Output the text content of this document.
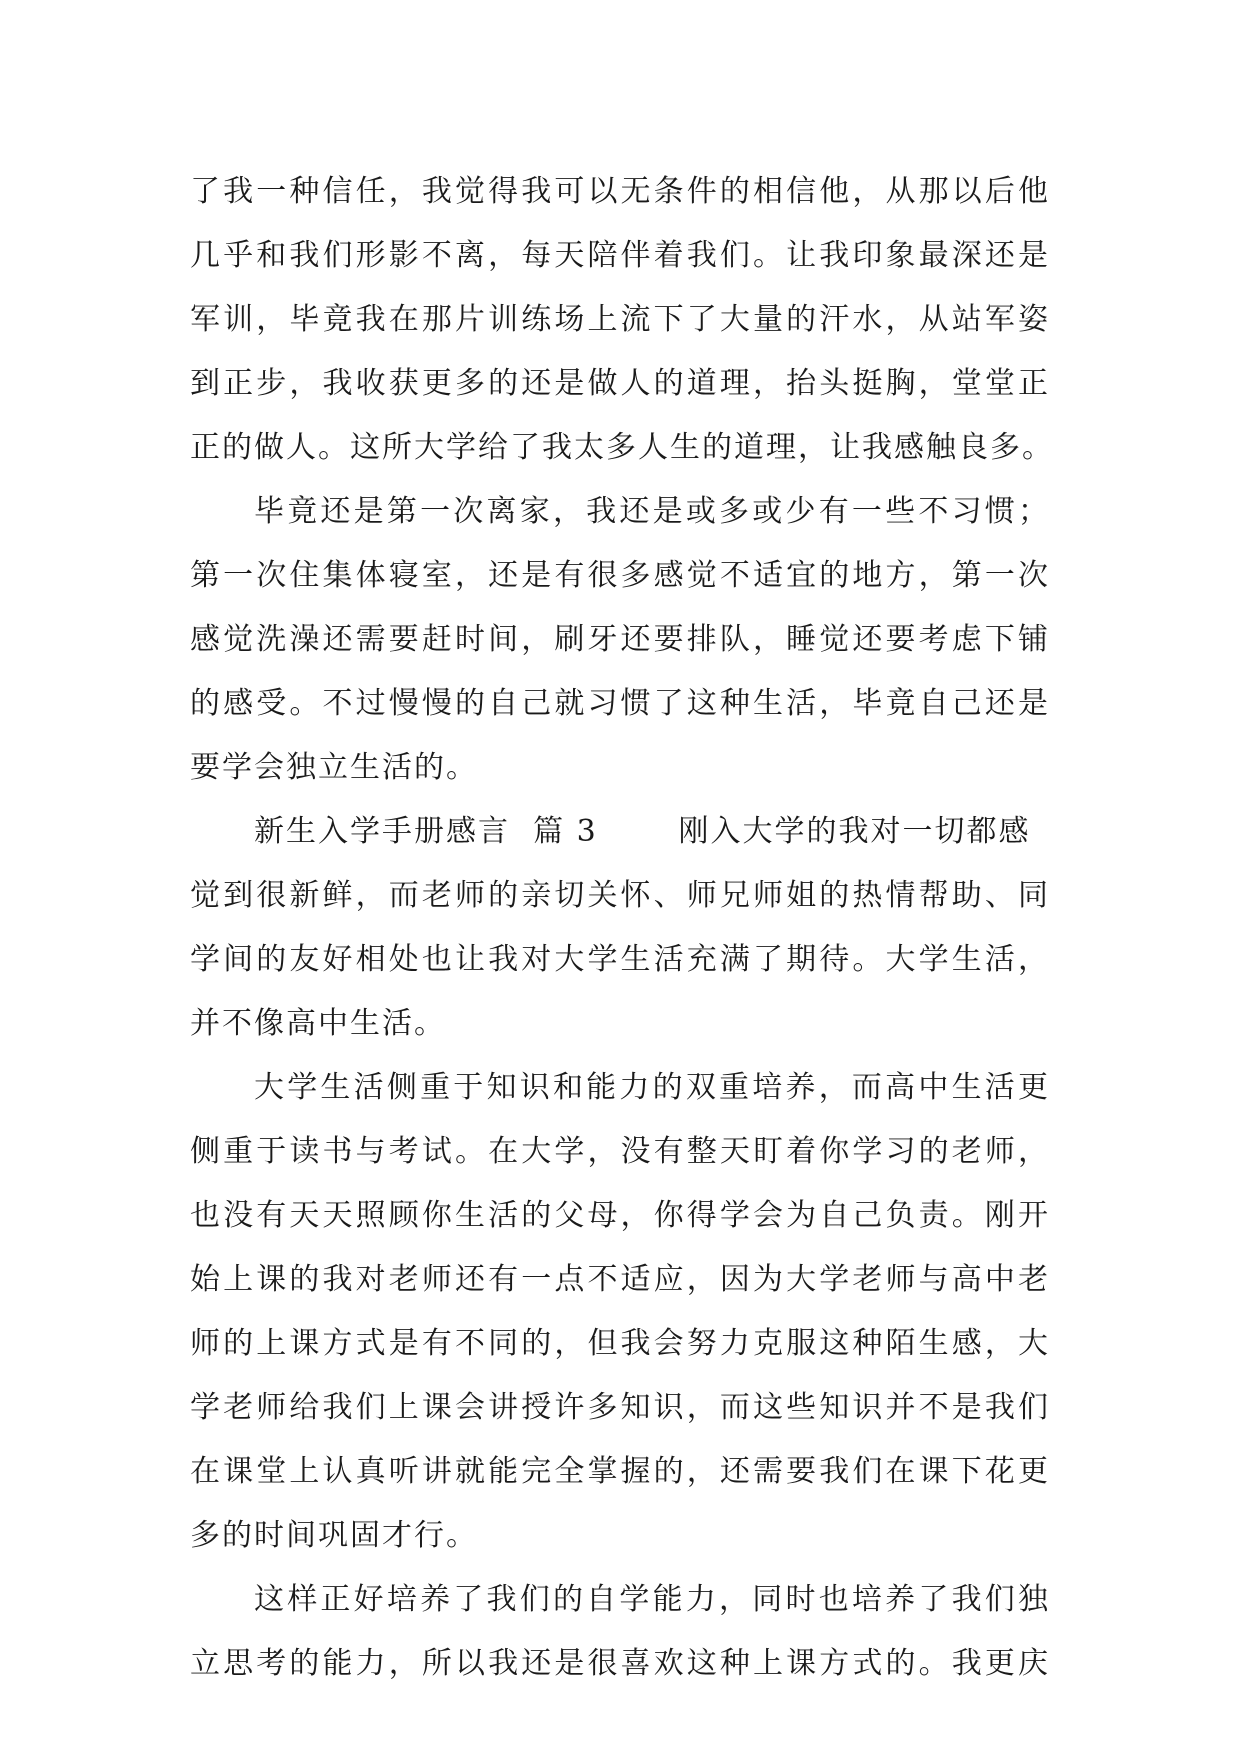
了我一种信任，我觉得我可以无条件的相信他，从那以后他
几乎和我们形影不离，每天陪伴着我们。让我印象最深还是
军训，毕竟我在那片训练场上流下了大量的汗水，从站军姿
到正步，我收获更多的还是做人的道理，抬头挺胸，堂堂正
正的做人。这所大学给了我太多人生的道理，让我感触良多。
毕竟还是第一次离家，我还是或多或少有一些不习惯；
第一次住集体寝室，还是有很多感觉不适宜的地方，第一次
感觉洗澡还需要赶时间，刷牙还要排队，睡觉还要考虑下铺
的感受。不过慢慢的自己就习惯了这种生活，毕竟自己还是
要学会独立生活的。
新生入学手册感言  篇 3       刚入大学的我对一切都感
觉到很新鲜，而老师的亲切关怀、师兄师姐的热情帮助、同
学间的友好相处也让我对大学生活充满了期待。大学生活，
并不像高中生活。
大学生活侧重于知识和能力的双重培养，而高中生活更
侧重于读书与考试。在大学，没有整天盯着你学习的老师，
也没有天天照顾你生活的父母，你得学会为自己负责。刚开
始上课的我对老师还有一点不适应，因为大学老师与高中老
师的上课方式是有不同的，但我会努力克服这种陌生感，大
学老师给我们上课会讲授许多知识，而这些知识并不是我们
在课堂上认真听讲就能完全掌握的，还需要我们在课下花更
多的时间巩固才行。
这样正好培养了我们的自学能力，同时也培养了我们独
立思考的能力，所以我还是很喜欢这种上课方式的。我更庆
